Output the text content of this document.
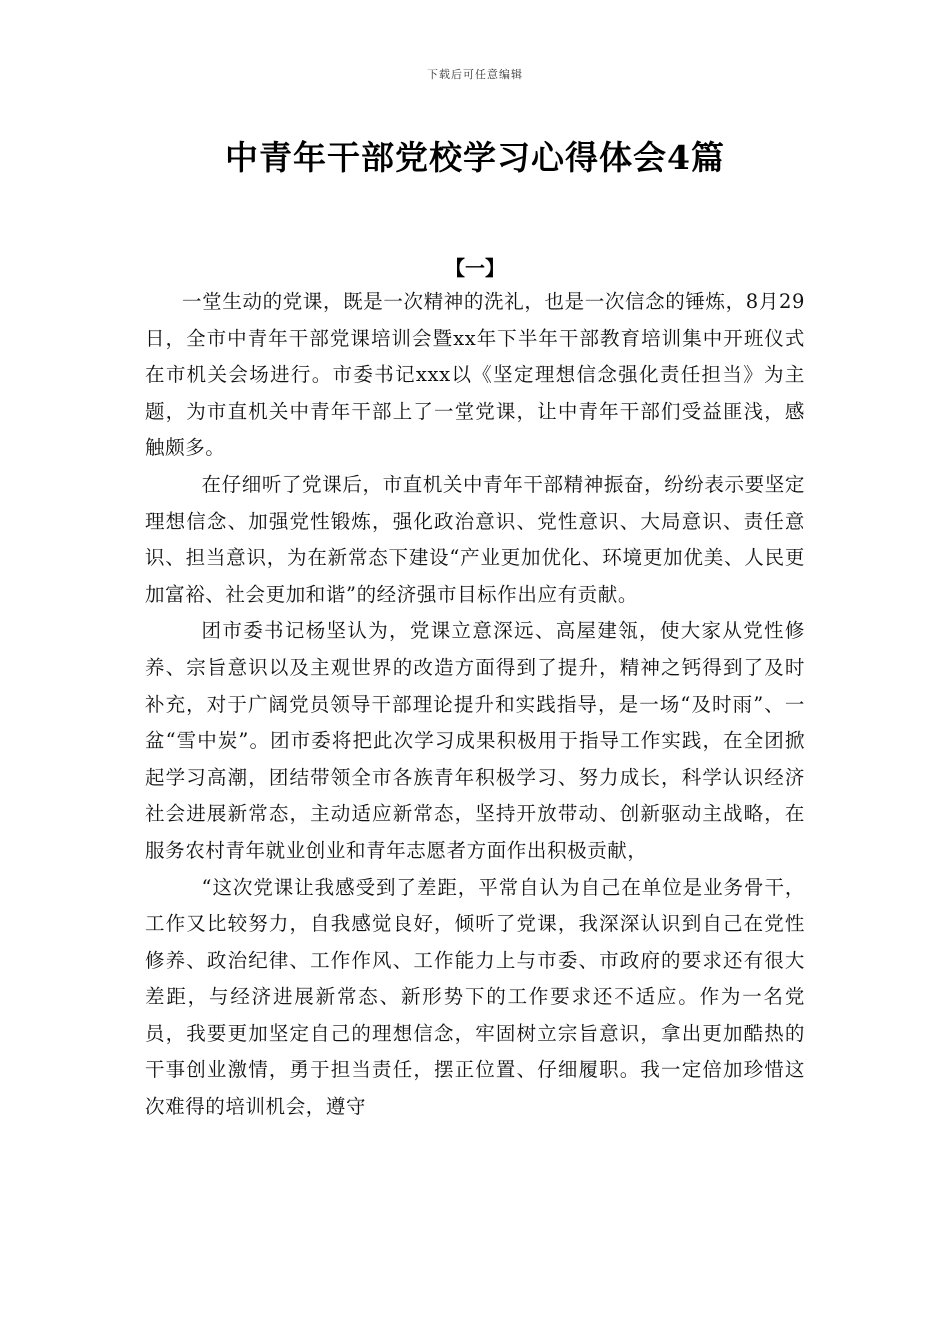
下载后可任意编辑
中青年干部党校学习心得体会4篇
【一】

一堂生动的党课，既是一次精神的洗礼，也是一次信念的锤炼，8月29日，全市中青年干部党课培训会暨xx年下半年干部教育培训集中开班仪式在市机关会场进行。市委书记xxx以《坚定理想信念强化责任担当》为主题，为市直机关中青年干部上了一堂党课，让中青年干部们受益匪浅，感触颇多。

在仔细听了党课后，市直机关中青年干部精神振奋，纷纷表示要坚定理想信念、加强党性锻炼，强化政治意识、党性意识、大局意识、责任意识、担当意识，为在新常态下建设“产业更加优化、环境更加优美、人民更加富裕、社会更加和谐”的经济强市目标作出应有贡献。

团市委书记杨坚认为，党课立意深远、高屋建瓴，使大家从党性修养、宗旨意识以及主观世界的改造方面得到了提升，精神之钙得到了及时补充，对于广阔党员领导干部理论提升和实践指导，是一场“及时雨”、一盆“雪中炭”。团市委将把此次学习成果积极用于指导工作实践，在全团掀起学习高潮，团结带领全市各族青年积极学习、努力成长，科学认识经济社会进展新常态，主动适应新常态，坚持开放带动、创新驱动主战略，在服务农村青年就业创业和青年志愿者方面作出积极贡献，

“这次党课让我感受到了差距，平常自认为自己在单位是业务骨干，工作又比较努力，自我感觉良好，倾听了党课，我深深认识到自己在党性修养、政治纪律、工作作风、工作能力上与市委、市政府的要求还有很大差距，与经济进展新常态、新形势下的工作要求还不适应。作为一名党员，我要更加坚定自己的理想信念，牢固树立宗旨意识，拿出更加酷热的干事创业激情，勇于担当责任，摆正位置、仔细履职。我一定倍加珍惜这次难得的培训机会，遵守
